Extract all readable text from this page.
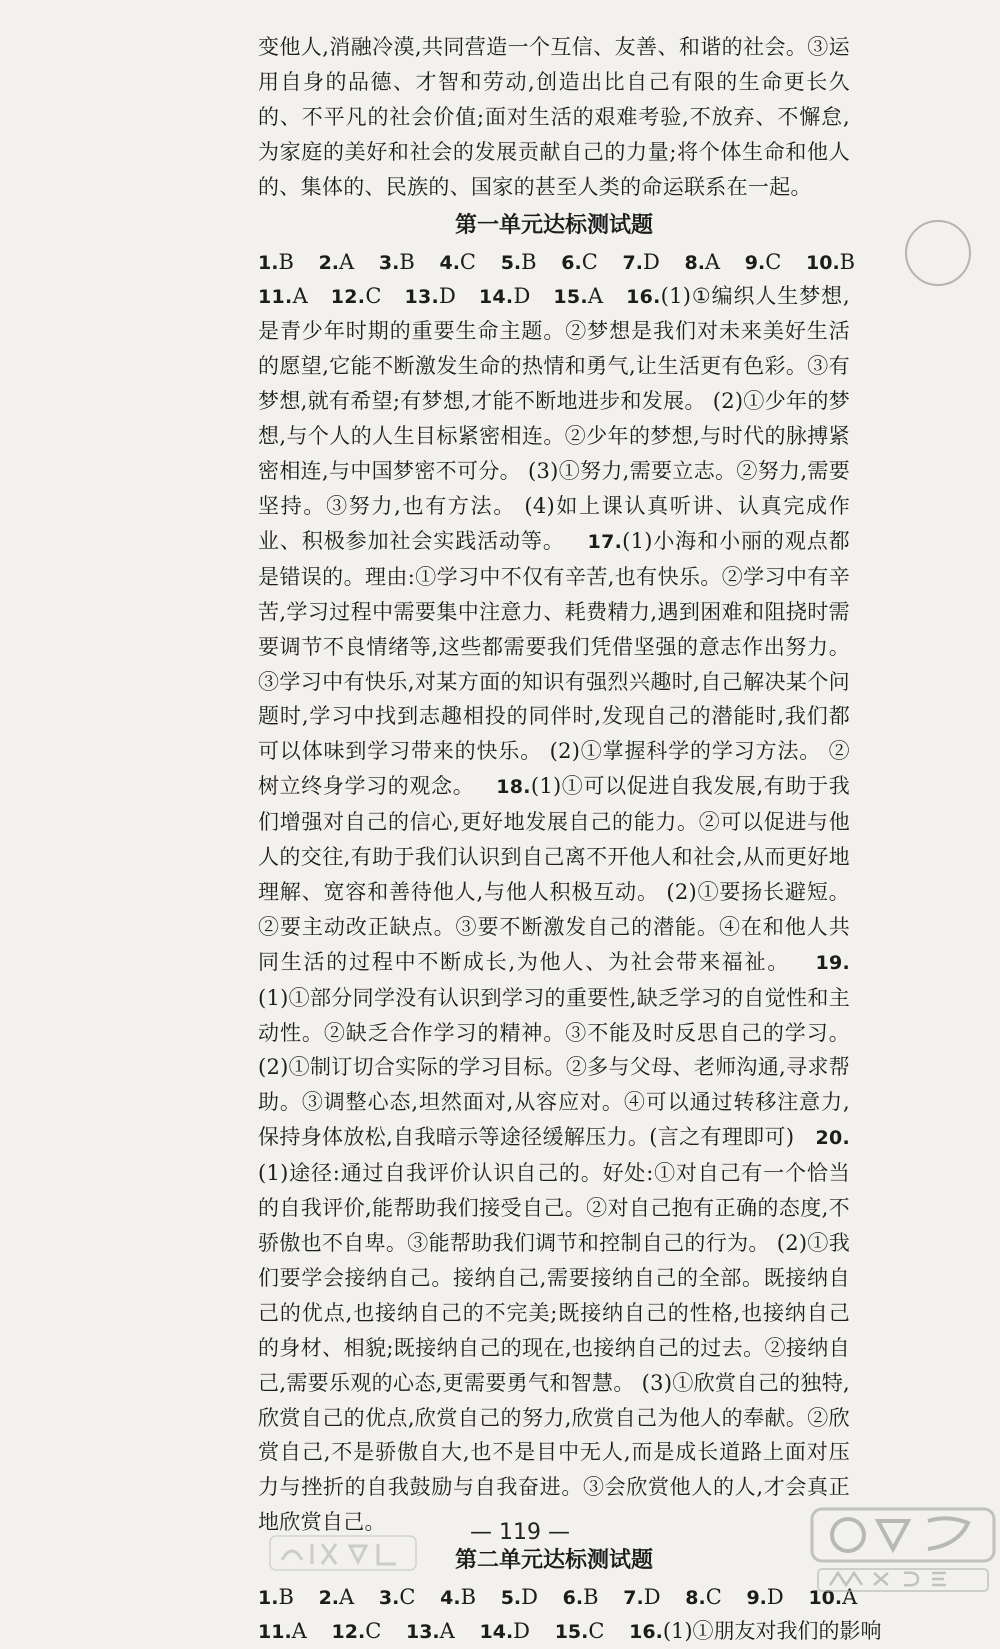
变他人,消融冷漠,共同营造一个互信、友善、和谐的社会。③运用自身的品德、才智和劳动,创造出比自己有限的生命更长久的、不平凡的社会价值;面对生活的艰难考验,不放弃、不懈怠,为家庭的美好和社会的发展贡献自己的力量;将个体生命和他人的、集体的、民族的、国家的甚至人类的命运联系在一起。

第一单元达标测试题
1.B 2.A 3.B 4.C 5.B 6.C 7.D 8.A 9.C 10.B

11.A 12.C 13.D 14.D 15.A 16.(1)①编织人生梦想,是青少年时期的重要生命主题。②梦想是我们对未来美好生活的愿望,它能不断激发生命的热情和勇气,让生活更有色彩。③有梦想,就有希望;有梦想,才能不断地进步和发展。 (2)①少年的梦想,与个人的人生目标紧密相连。②少年的梦想,与时代的脉搏紧密相连,与中国梦密不可分。 (3)①努力,需要立志。②努力,需要坚持。③努力,也有方法。 (4)如上课认真听讲、认真完成作业、积极参加社会实践活动等。 17.(1)小海和小丽的观点都是错误的。理由:①学习中不仅有辛苦,也有快乐。②学习中有辛苦,学习过程中需要集中注意力、耗费精力,遇到困难和阻挠时需要调节不良情绪等,这些都需要我们凭借坚强的意志作出努力。③学习中有快乐,对某方面的知识有强烈兴趣时,自己解决某个问题时,学习中找到志趣相投的同伴时,发现自己的潜能时,我们都可以体味到学习带来的快乐。 (2)①掌握科学的学习方法。 ②树立终身学习的观念。 18.(1)①可以促进自我发展,有助于我们增强对自己的信心,更好地发展自己的能力。②可以促进与他人的交往,有助于我们认识到自己离不开他人和社会,从而更好地理解、宽容和善待他人,与他人积极互动。 (2)①要扬长避短。②要主动改正缺点。③要不断激发自己的潜能。④在和他人共同生活的过程中不断成长,为他人、为社会带来福祉。 19.(1)①部分同学没有认识到学习的重要性,缺乏学习的自觉性和主动性。②缺乏合作学习的精神。③不能及时反思自己的学习。 (2)①制订切合实际的学习目标。②多与父母、老师沟通,寻求帮助。③调整心态,坦然面对,从容应对。④可以通过转移注意力,保持身体放松,自我暗示等途径缓解压力。(言之有理即可) 20.(1)途径:通过自我评价认识自己的。好处:①对自己有一个恰当的自我评价,能帮助我们接受自己。②对自己抱有正确的态度,不骄傲也不自卑。③能帮助我们调节和控制自己的行为。 (2)①我们要学会接纳自己。接纳自己,需要接纳自己的全部。既接纳自己的优点,也接纳自己的不完美;既接纳自己的性格,也接纳自己的身材、相貌;既接纳自己的现在,也接纳自己的过去。②接纳自己,需要乐观的心态,更需要勇气和智慧。 (3)①欣赏自己的独特,欣赏自己的优点,欣赏自己的努力,欣赏自己为他人的奉献。②欣赏自己,不是骄傲自大,也不是目中无人,而是成长道路上面对压力与挫折的自我鼓励与自我奋进。③会欣赏他人的人,才会真正地欣赏自己。

第二单元达标测试题
1.B 2.A 3.C 4.B 5.D 6.B 7.D 8.C 9.D 10.A
11.A 12.C 13.A 14.D 15.C 16.(1)①朋友对我们的影响
— 119 —
